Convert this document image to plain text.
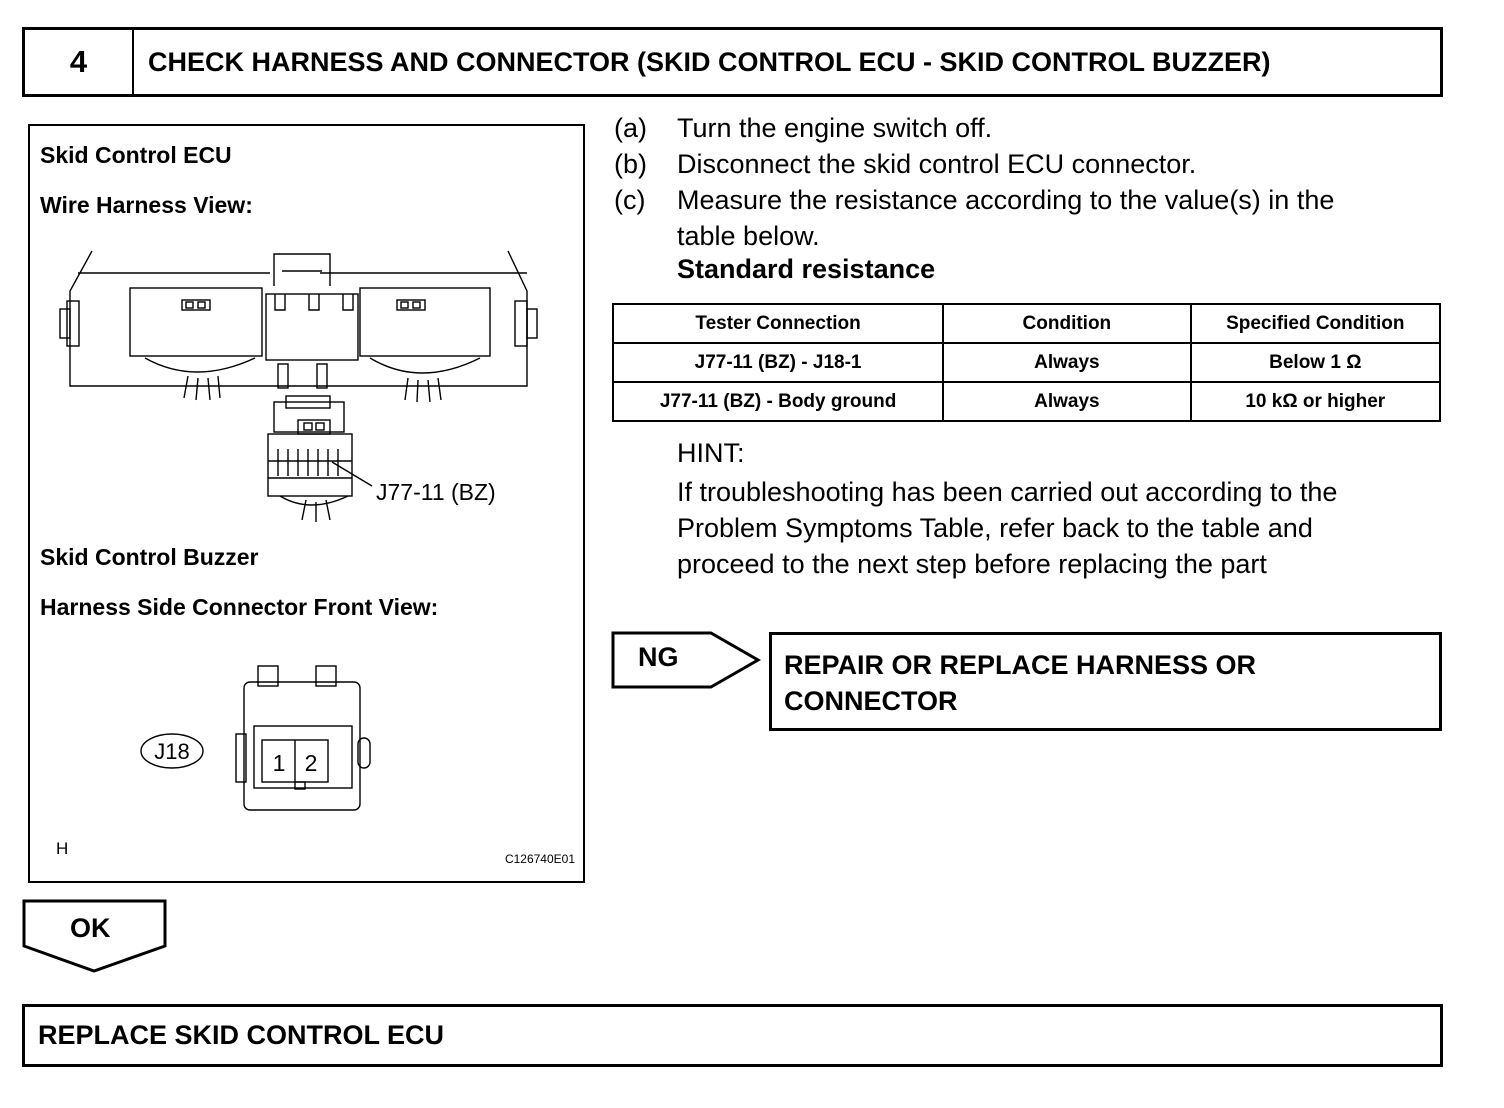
4	CHECK HARNESS AND CONNECTOR (SKID CONTROL ECU - SKID CONTROL BUZZER)
Skid Control ECU
Wire Harness View:
Skid Control Buzzer
Harness Side Connector Front View:
J77-11 (BZ)
J18	1 2
H
C126740E01
(a) Turn the engine switch off.
(b) Disconnect the skid control ECU connector.
(c) Measure the resistance according to the value(s) in the
table below.
Standard resistance
Tester Connection	Condition	Specified Condition
J77-11 (BZ) - J18-1	Always	Below 1 Ω
J77-11 (BZ) - Body ground	Always	10 kΩ or higher
HINT:
If troubleshooting has been carried out according to the
Problem Symptoms Table, refer back to the table and
proceed to the next step before replacing the part
NG	REPAIR OR REPLACE HARNESS OR
CONNECTOR
OK
REPLACE SKID CONTROL ECU
